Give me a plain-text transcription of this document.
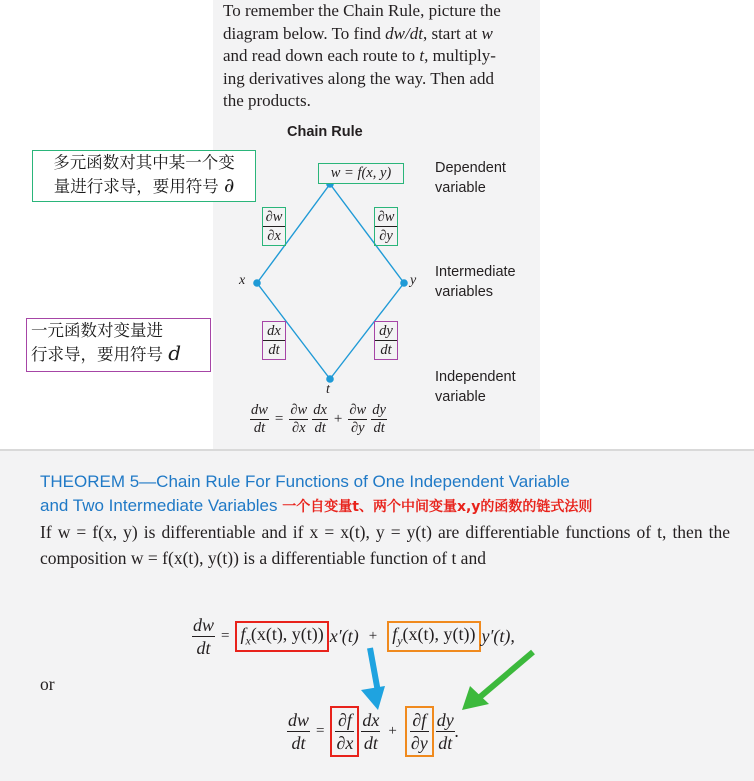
To remember the Chain Rule, picture the
diagram below. To find dw/dt, start at w
and read down each route to t, multiply-
ing derivatives along the way. Then add
the products.
Chain Rule
w = f(x, y)
x	y
t
$\frac{\partial w}{\partial x}$	$\frac{\partial w}{\partial y}$
$\frac{dx}{dt}$	$\frac{dy}{dt}$
Dependent
variable
Intermediate
variables
Independent
variable
多元函数对其中某一个变
量进行求导，要用符号 ∂
一元函数对变量进
行求导，要用符号 d
$\frac{dw}{dt} = \frac{\partial w}{\partial x} \frac{dx}{dt} + \frac{\partial w}{\partial y} \frac{dy}{dt}$
THEOREM 5—Chain Rule For Functions of One Independent Variable
and Two Intermediate Variables 一个自变量t、两个中间变量x,y的函数的链式法则
If w = f(x, y) is differentiable and if x = x(t), y = y(t) are differentiable functions of t, then the composition w = f(x(t), y(t)) is a differentiable function of t and
$\frac{dw}{dt} = f_x(x(t)$, y(t)) $x'(t) + f_y(x(t)$, y(t)) y′(t),
or
$\frac{dw}{dt} = \frac{\partial f}{\partial x} \frac{dx}{dt} + \frac{\partial f}{\partial y} \frac{dy}{dt}$ .
